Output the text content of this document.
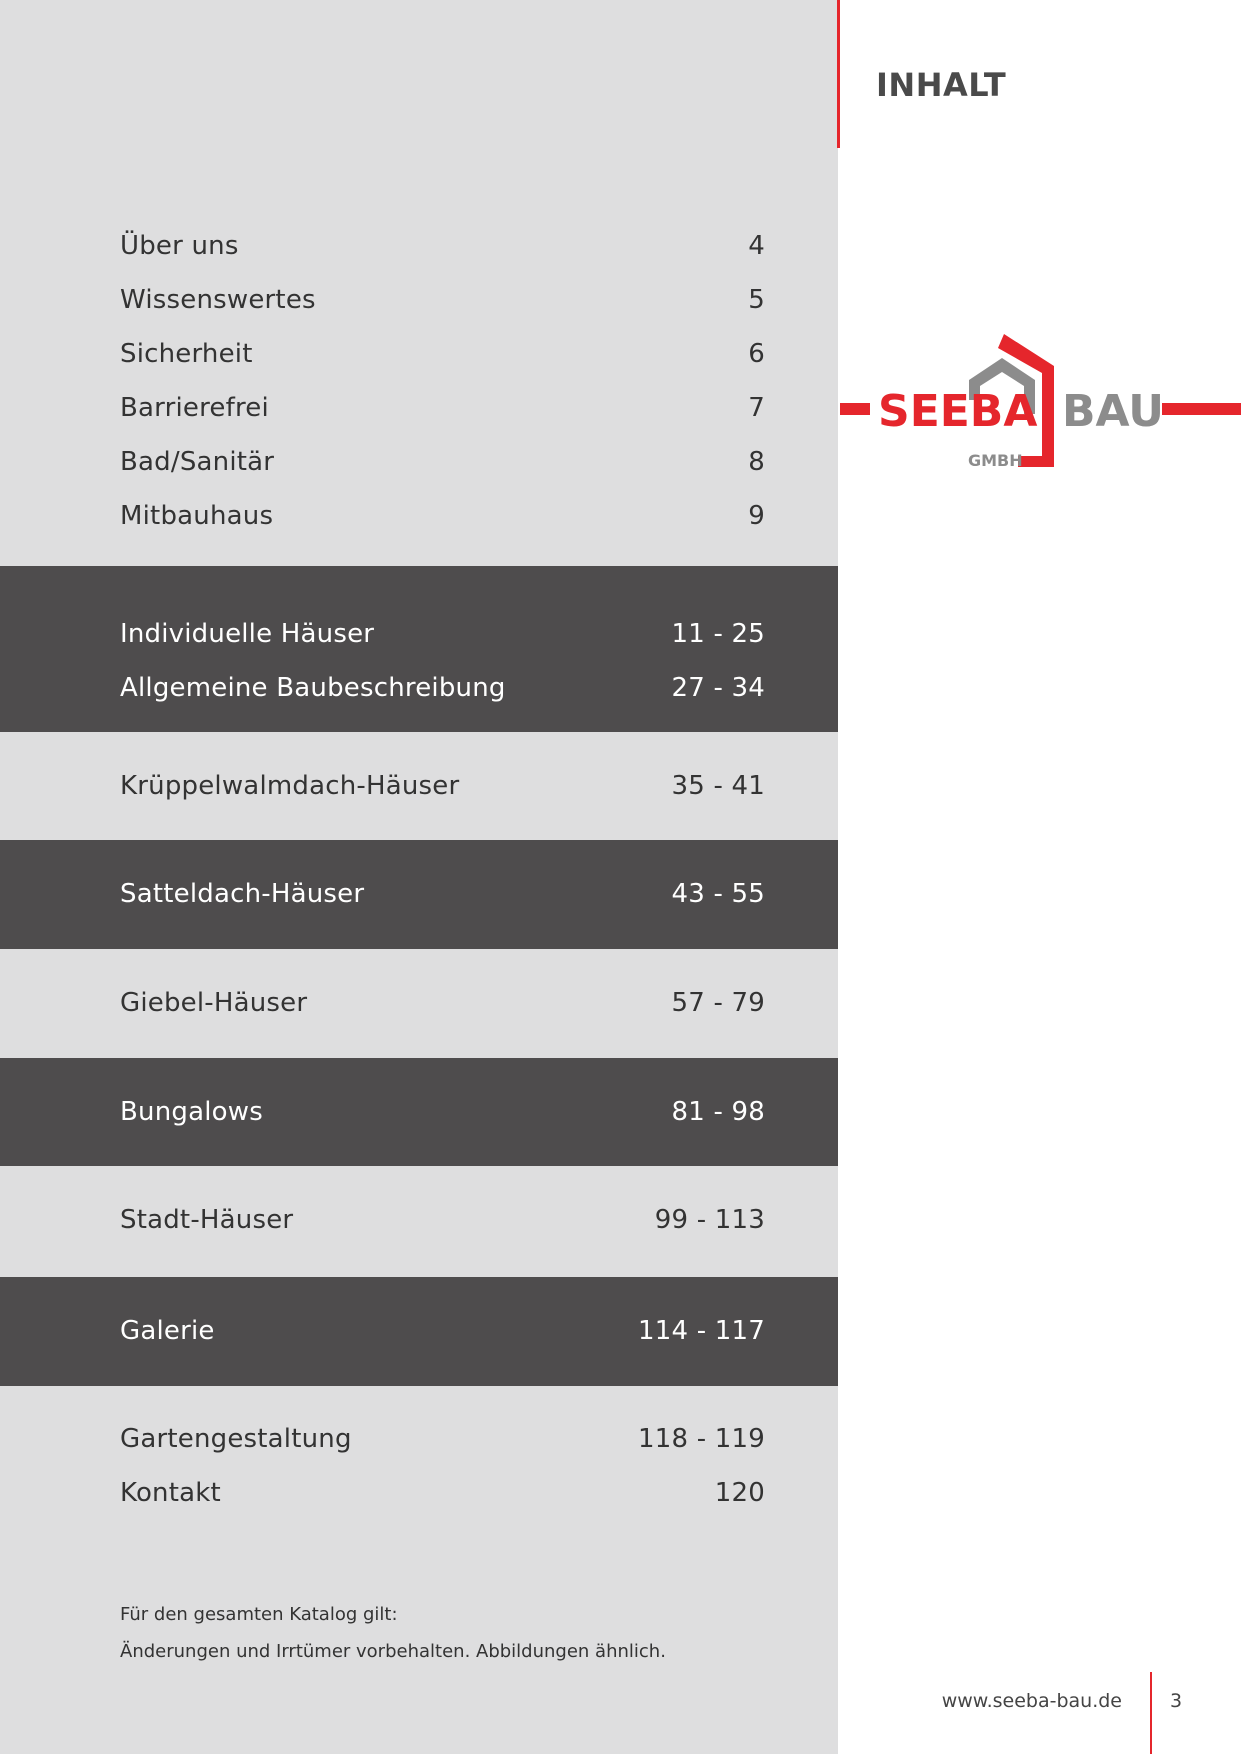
Über uns	4
Wissenswertes	5
Sicherheit	6
Barrierefrei	7
Bad/Sanitär	8
Mitbauhaus	9
Individuelle Häuser	11 - 25
Allgemeine Baubeschreibung	27 - 34
Krüppelwalmdach-Häuser	35 - 41
Satteldach-Häuser	43 - 55
Giebel-Häuser	57 - 79
Bungalows	81 - 98
Stadt-Häuser	99 - 113
Galerie	114 - 117
Gartengestaltung	118 - 119
Kontakt	120
Für den gesamten Katalog gilt:
Änderungen und Irrtümer vorbehalten. Abbildungen ähnlich.
INHALT
SEEBA BAU
GMBH
www.seeba-bau.de	3
